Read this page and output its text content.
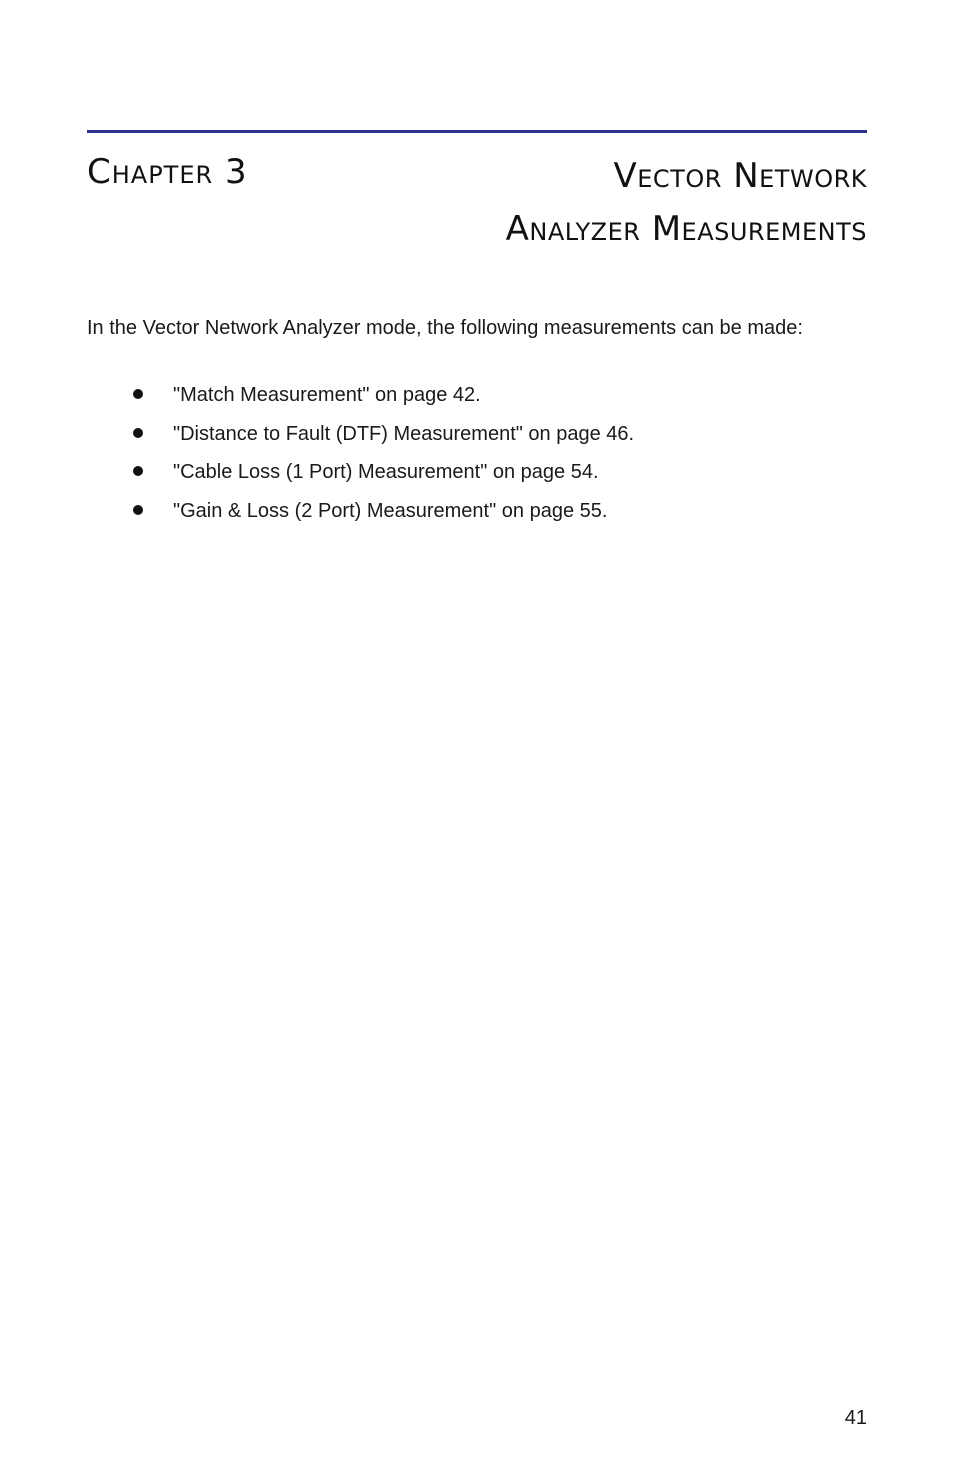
Chapter 3	Vector Network
Analyzer Measurements
In the Vector Network Analyzer mode, the following measurements can be made:
"Match Measurement" on page 42.
"Distance to Fault (DTF) Measurement" on page 46.
"Cable Loss (1 Port) Measurement" on page 54.
"Gain & Loss (2 Port) Measurement" on page 55.
41
